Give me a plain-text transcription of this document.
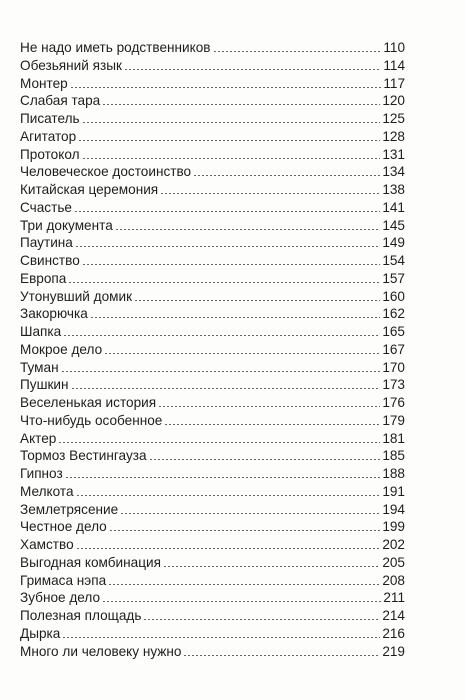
Не надо иметь родственников	110
Обезьяний язык	114
Монтер	117
Слабая тара	120
Писатель	125
Агитатор	128
Протокол	131
Человеческое достоинство	134
Китайская церемония	138
Счастье	141
Три документа	145
Паутина	149
Свинство	154
Европа	157
Утонувший домик	160
Закорючка	162
Шапка	165
Мокрое дело	167
Туман	170
Пушкин	173
Веселенькая история	176
Что-нибудь особенное	179
Актер	181
Тормоз Вестингауза	185
Гипноз	188
Мелкота	191
Землетрясение	194
Честное дело	199
Хамство	202
Выгодная комбинация	205
Гримаса нэпа	208
Зубное дело	211
Полезная площадь	214
Дырка	216
Много ли человеку нужно	219
